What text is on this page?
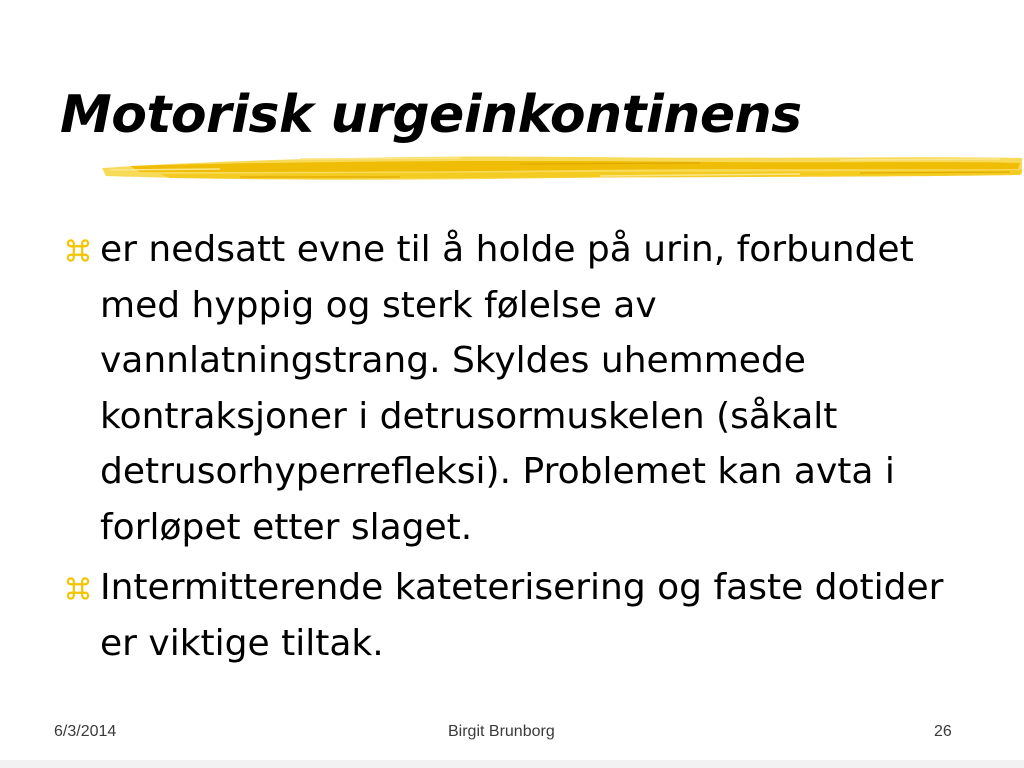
Motorisk urgeinkontinens
er nedsatt evne til å holde på urin, forbundet med hyppig og sterk følelse av vannlatningstrang. Skyldes uhemmede kontraksjoner i detrusormuskelen (såkalt detrusorhyperrefleksi). Problemet kan avta i forløpet etter slaget.
Intermitterende kateterisering og faste dotider er viktige tiltak.
6/3/2014	Birgit Brunborg	26
